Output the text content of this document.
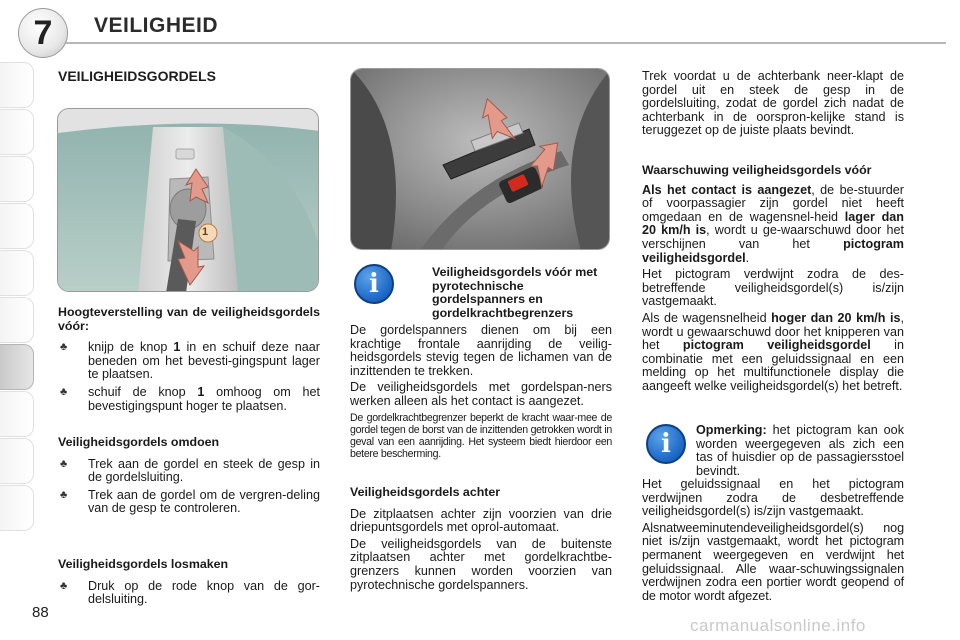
7 VEILIGHEID
VEILIGHEIDSGORDELS
1

Hoogteverstelling van de veiligheidsgordels vóór:

♣ knijp de knop 1 in en schuif deze naar beneden om het bevesti-gingspunt lager te plaatsen.
♣ schuif de knop 1 omhoog om het bevestigingspunt hoger te plaatsen.

Veiligheidsgordels omdoen

♣ Trek aan de gordel en steek de gesp in de gordelsluiting.
♣ Trek aan de gordel om de vergren-deling van de gesp te controleren.

Veiligheidsgordels losmaken

♣ Druk op de rode knop van de gor-delsluiting.
i	Veiligheidsgordels vóór met pyrotechnische gordelspanners en gordelkrachtbegrenzers

De gordelspanners dienen om bij een krachtige frontale aanrijding de veilig-heidsgordels stevig tegen de lichamen van de inzittenden te trekken.

De veiligheidsgordels met gordelspan-ners werken alleen als het contact is aangezet.

De gordelkrachtbegrenzer beperkt de kracht waar-mee de gordel tegen de borst van de inzittenden getrokken wordt in geval van een aanrijding. Het systeem biedt hierdoor een betere bescherming.

Veiligheidsgordels achter

De zitplaatsen achter zijn voorzien van drie driepuntsgordels met oprol-automaat.

De veiligheidsgordels van de buitenste zitplaatsen achter met gordelkrachtbe-grenzers kunnen worden voorzien van pyrotechnische gordelspanners.

Trek voordat u de achterbank neer-klapt de gordel uit en steek de gesp in de gordelsluiting, zodat de gordel zich nadat de achterbank in de oorspron-kelijke stand is teruggezet op de juiste plaats bevindt.

Waarschuwing veiligheidsgordels vóór

Als het contact is aangezet, de be-stuurder of voorpassagier zijn gordel niet heeft omgedaan en de wagensnel-heid lager dan 20 km/h is, wordt u ge-waarschuwd door het verschijnen van het pictogram veiligheidsgordel.

Het pictogram verdwijnt zodra de des-betreffende veiligheidsgordel(s) is/zijn vastgemaakt.

Als de wagensnelheid hoger dan 20 km/h is, wordt u gewaarschuwd door het knipperen van het pictogram veiligheidsgordel in combinatie met een geluidssignaal en een melding op het multifunctionele display die aangeeft welke veiligheidsgordel(s) het betreft.

i	Opmerking: het pictogram kan ook worden weergegeven als zich een tas of huisdier op de passagiersstoel bevindt.

Het geluidssignaal en het pictogram verdwijnen zodra de desbetreffende veiligheidsgordel(s) is/zijn vastgemaakt.

Alsnatweeminutendeveiligheidsgordel(s) nog niet is/zijn vastgemaakt, wordt het pictogram permanent weergegeven en verdwijnt het geluidssignaal. Alle waar-schuwingssignalen verdwijnen zodra een portier wordt geopend of de motor wordt afgezet.

88
carmanualsonline.info
